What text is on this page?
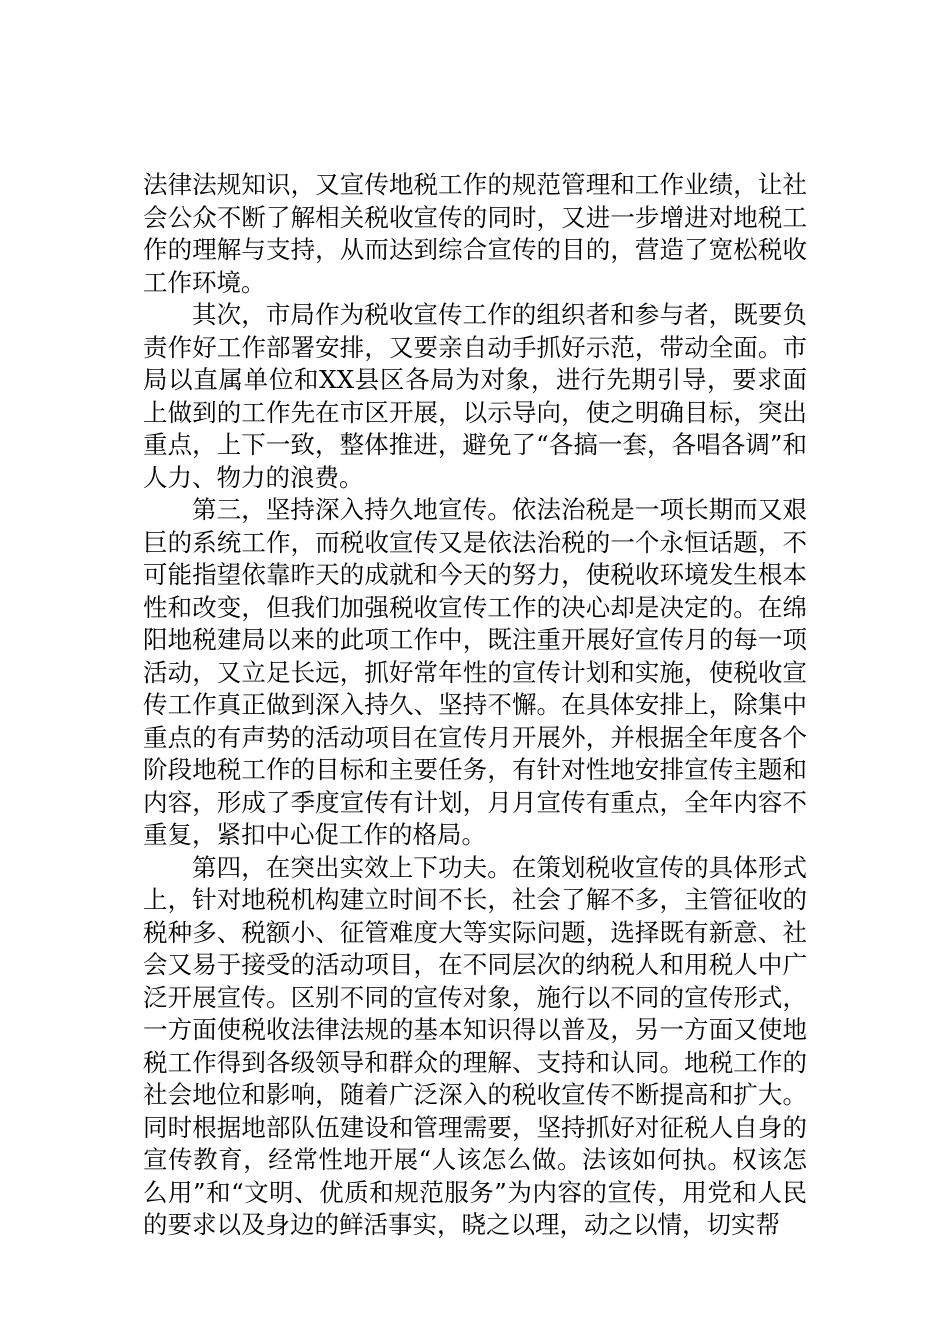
法律法规知识，又宣传地税工作的规范管理和工作业绩，让社会公众不断了解相关税收宣传的同时，又进一步增进对地税工作的理解与支持，从而达到综合宣传的目的，营造了宽松税收工作环境。

其次，市局作为税收宣传工作的组织者和参与者，既要负责作好工作部署安排，又要亲自动手抓好示范，带动全面。市局以直属单位和XX县区各局为对象，进行先期引导，要求面上做到的工作先在市区开展，以示导向，使之明确目标，突出重点，上下一致，整体推进，避免了“各搞一套，各唱各调”和人力、物力的浪费。

第三，坚持深入持久地宣传。依法治税是一项长期而又艰巨的系统工作，而税收宣传又是依法治税的一个永恒话题，不可能指望依靠昨天的成就和今天的努力，使税收环境发生根本性和改变，但我们加强税收宣传工作的决心却是决定的。在绵阳地税建局以来的此项工作中，既注重开展好宣传月的每一项活动，又立足长远，抓好常年性的宣传计划和实施，使税收宣传工作真正做到深入持久、坚持不懈。在具体安排上，除集中重点的有声势的活动项目在宣传月开展外，并根据全年度各个阶段地税工作的目标和主要任务，有针对性地安排宣传主题和内容，形成了季度宣传有计划，月月宣传有重点，全年内容不重复，紧扣中心促工作的格局。

第四，在突出实效上下功夫。在策划税收宣传的具体形式上，针对地税机构建立时间不长，社会了解不多，主管征收的税种多、税额小、征管难度大等实际问题，选择既有新意、社会又易于接受的活动项目，在不同层次的纳税人和用税人中广泛开展宣传。区别不同的宣传对象，施行以不同的宣传形式，一方面使税收法律法规的基本知识得以普及，另一方面又使地税工作得到各级领导和群众的理解、支持和认同。地税工作的社会地位和影响，随着广泛深入的税收宣传不断提高和扩大。同时根据地部队伍建设和管理需要，坚持抓好对征税人自身的宣传教育，经常性地开展“人该怎么做。法该如何执。权该怎么用”和“文明、优质和规范服务”为内容的宣传，用党和人民的要求以及身边的鲜活事实，晓之以理，动之以情，切实帮
